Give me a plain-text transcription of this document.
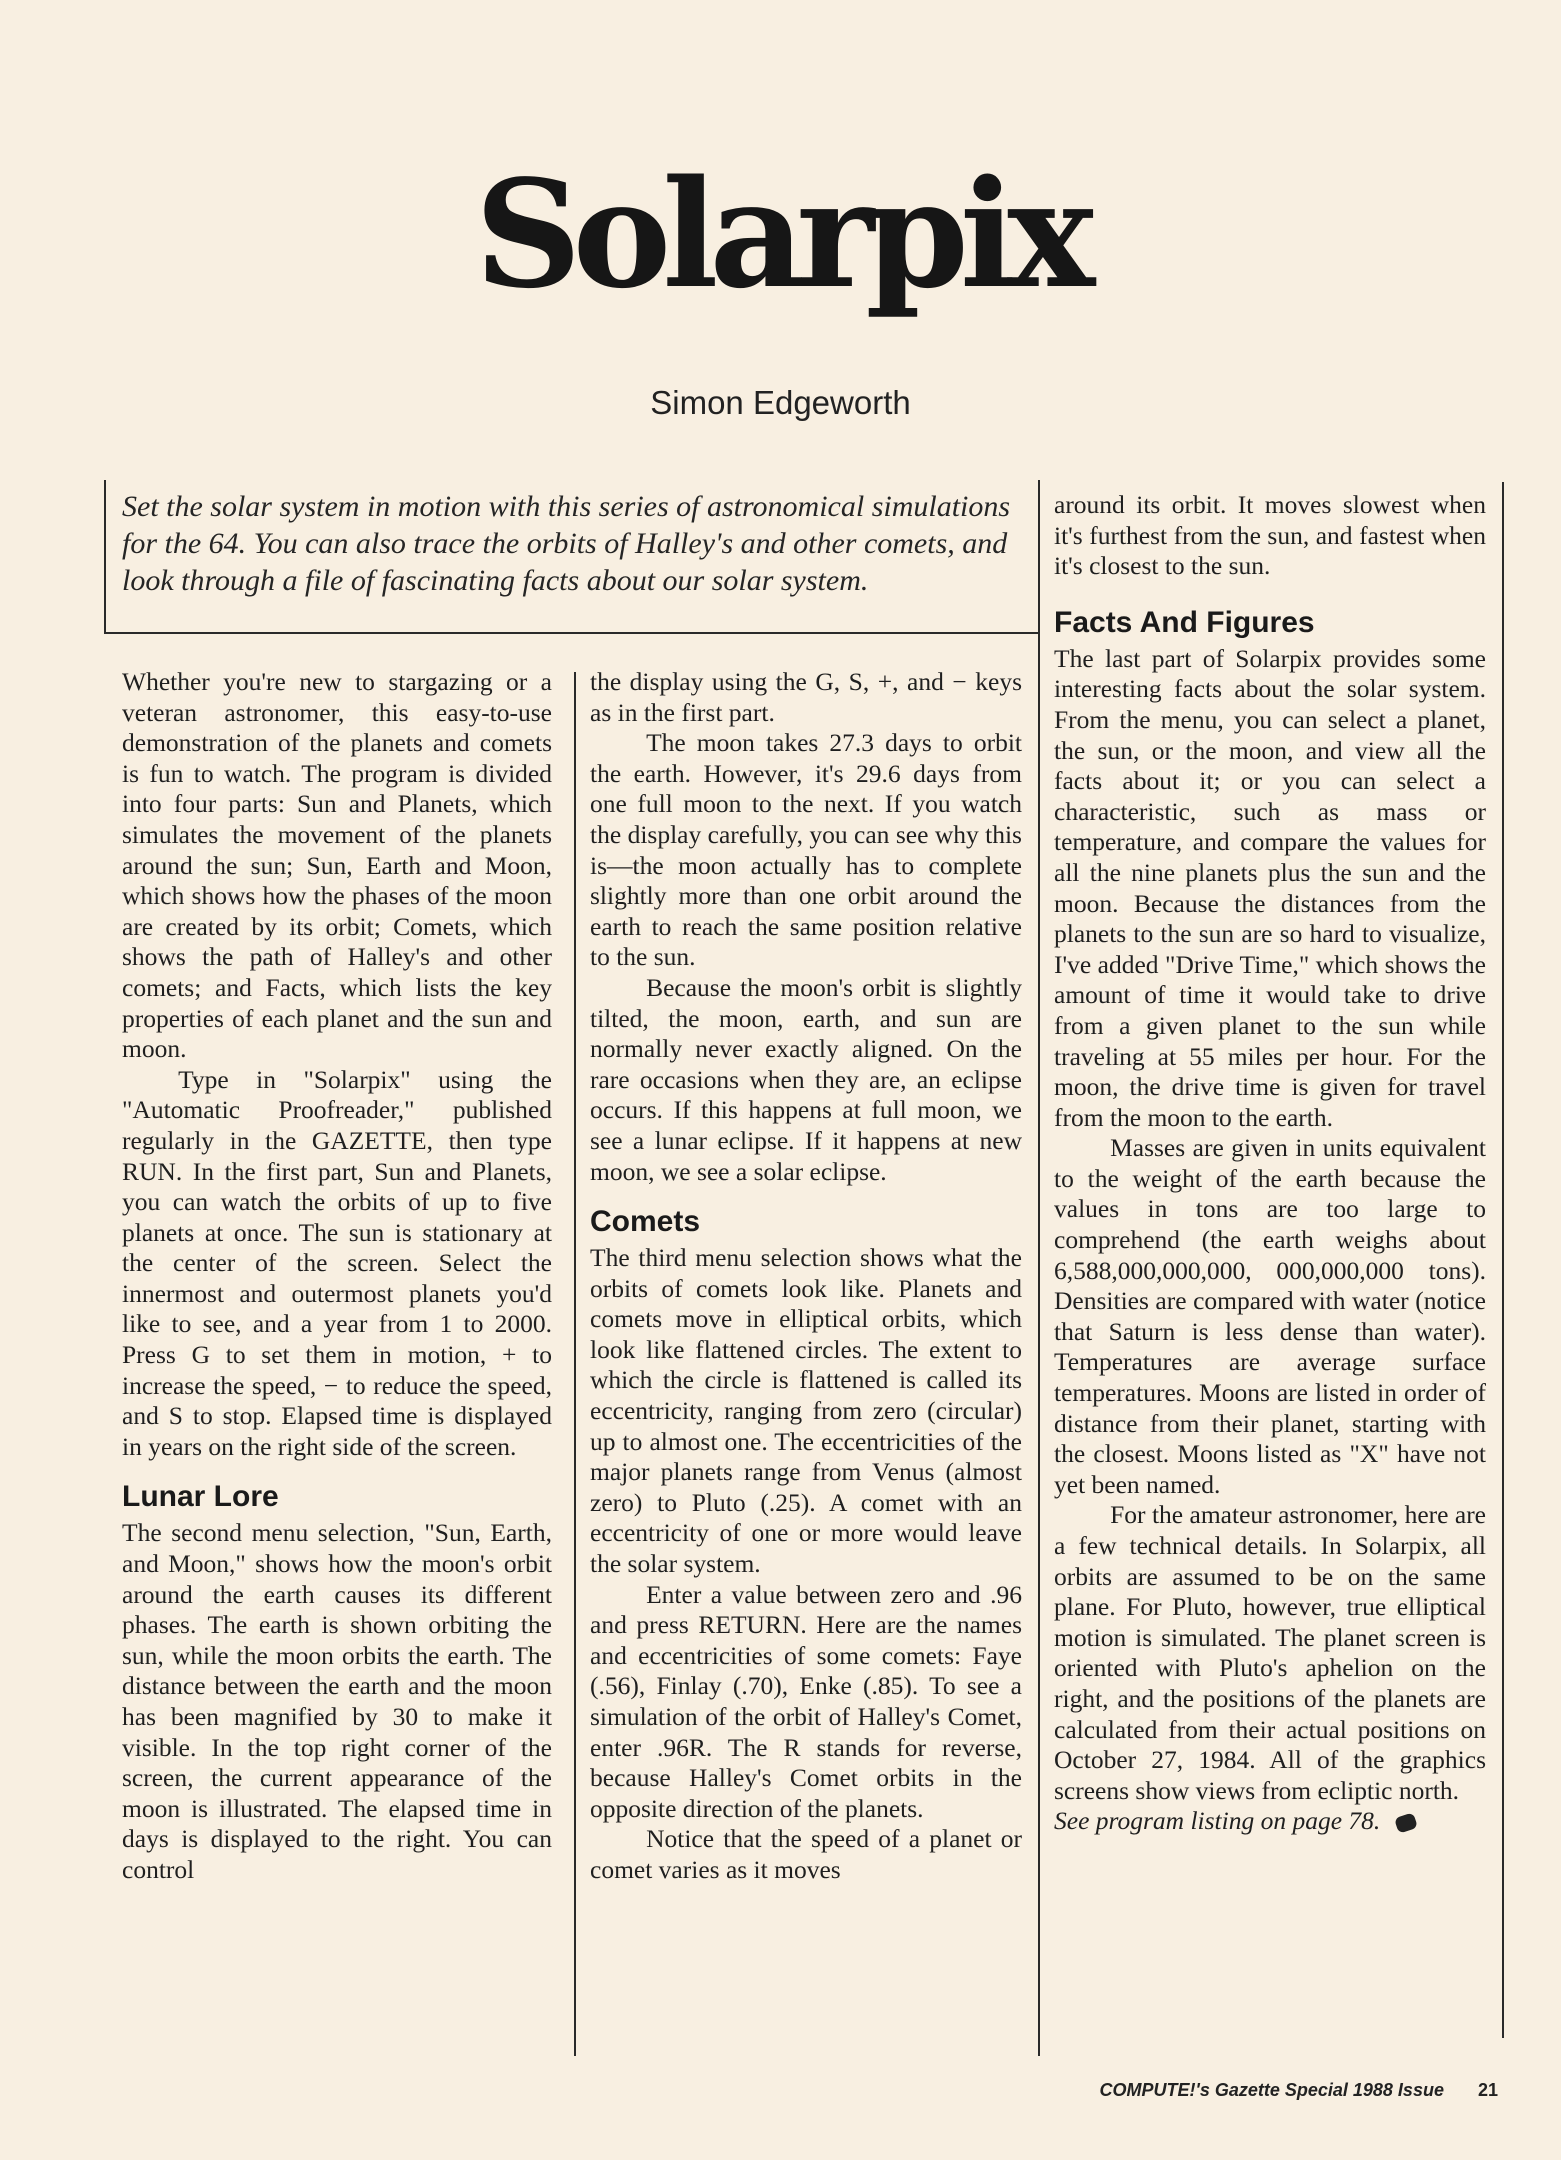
Solarpix
Simon Edgeworth
Set the solar system in motion with this series of astronomical simulations for the 64. You can also trace the orbits of Halley's and other comets, and look through a file of fascinating facts about our solar system.

Whether you're new to stargazing or a veteran astronomer, this easy-to-use demonstration of the planets and comets is fun to watch. The program is divided into four parts: Sun and Planets, which simulates the movement of the planets around the sun; Sun, Earth and Moon, which shows how the phases of the moon are created by its orbit; Comets, which shows the path of Halley's and other comets; and Facts, which lists the key properties of each planet and the sun and moon.

Type in "Solarpix" using the "Automatic Proofreader," published regularly in the GAZETTE, then type RUN. In the first part, Sun and Planets, you can watch the orbits of up to five planets at once. The sun is stationary at the center of the screen. Select the innermost and outermost planets you'd like to see, and a year from 1 to 2000. Press G to set them in motion, + to increase the speed, − to reduce the speed, and S to stop. Elapsed time is displayed in years on the right side of the screen.

Lunar Lore

The second menu selection, "Sun, Earth, and Moon," shows how the moon's orbit around the earth causes its different phases. The earth is shown orbiting the sun, while the moon orbits the earth. The distance between the earth and the moon has been magnified by 30 to make it visible. In the top right corner of the screen, the current appearance of the moon is illustrated. The elapsed time in days is displayed to the right. You can control

the display using the G, S, +, and − keys as in the first part.

The moon takes 27.3 days to orbit the earth. However, it's 29.6 days from one full moon to the next. If you watch the display carefully, you can see why this is—the moon actually has to complete slightly more than one orbit around the earth to reach the same position relative to the sun.

Because the moon's orbit is slightly tilted, the moon, earth, and sun are normally never exactly aligned. On the rare occasions when they are, an eclipse occurs. If this happens at full moon, we see a lunar eclipse. If it happens at new moon, we see a solar eclipse.

Comets

The third menu selection shows what the orbits of comets look like. Planets and comets move in elliptical orbits, which look like flattened circles. The extent to which the circle is flattened is called its eccentricity, ranging from zero (circular) up to almost one. The eccentricities of the major planets range from Venus (almost zero) to Pluto (.25). A comet with an eccentricity of one or more would leave the solar system.

Enter a value between zero and .96 and press RETURN. Here are the names and eccentricities of some comets: Faye (.56), Finlay (.70), Enke (.85). To see a simulation of the orbit of Halley's Comet, enter .96R. The R stands for reverse, because Halley's Comet orbits in the opposite direction of the planets.

Notice that the speed of a planet or comet varies as it moves

around its orbit. It moves slowest when it's furthest from the sun, and fastest when it's closest to the sun.

Facts And Figures

The last part of Solarpix provides some interesting facts about the solar system. From the menu, you can select a planet, the sun, or the moon, and view all the facts about it; or you can select a characteristic, such as mass or temperature, and compare the values for all the nine planets plus the sun and the moon. Because the distances from the planets to the sun are so hard to visualize, I've added "Drive Time," which shows the amount of time it would take to drive from a given planet to the sun while traveling at 55 miles per hour. For the moon, the drive time is given for travel from the moon to the earth.

Masses are given in units equivalent to the weight of the earth because the values in tons are too large to comprehend (the earth weighs about 6,588,000,000,000, 000,000,000 tons). Densities are compared with water (notice that Saturn is less dense than water). Temperatures are average surface temperatures. Moons are listed in order of distance from their planet, starting with the closest. Moons listed as "X" have not yet been named.

For the amateur astronomer, here are a few technical details. In Solarpix, all orbits are assumed to be on the same plane. For Pluto, however, true elliptical motion is simulated. The planet screen is oriented with Pluto's aphelion on the right, and the positions of the planets are calculated from their actual positions on October 27, 1984. All of the graphics screens show views from ecliptic north.

See program listing on page 78.

COMPUTE!'s Gazette Special 1988 Issue 21
